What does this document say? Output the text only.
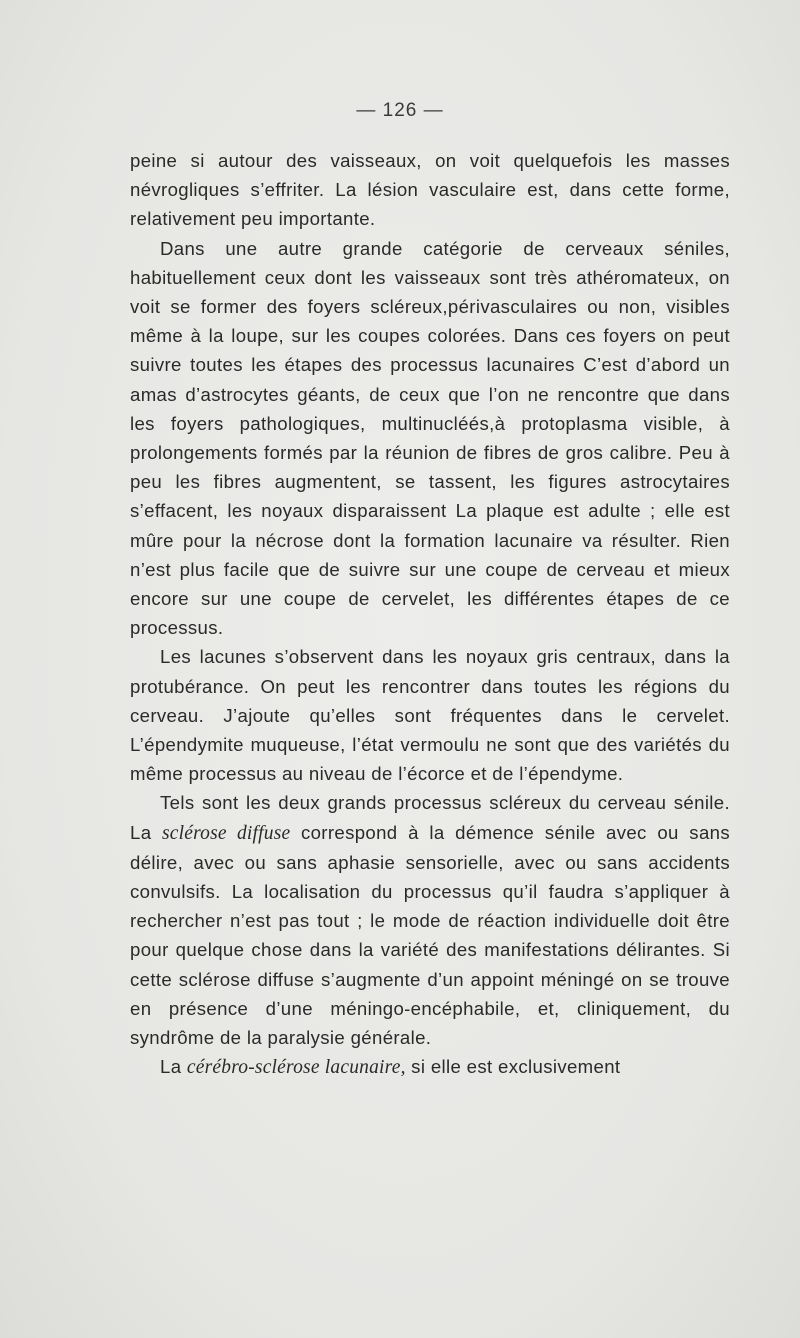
— 126 —

peine si autour des vaisseaux, on voit quelquefois les masses névrogliques s’effriter. La lésion vasculaire est, dans cette forme, relativement peu importante.

Dans une autre grande catégorie de cerveaux séniles, habituellement ceux dont les vaisseaux sont très athéromateux, on voit se former des foyers scléreux,périvasculaires ou non, visibles même à la loupe, sur les coupes colorées. Dans ces foyers on peut suivre toutes les étapes des processus lacunaires C’est d’abord un amas d’astrocytes géants, de ceux que l’on ne rencontre que dans les foyers pathologiques, multinucléés,à protoplasma visible, à prolongements formés par la réunion de fibres de gros calibre. Peu à peu les fibres augmentent, se tassent, les figures astrocytaires s’effacent, les noyaux disparaissent La plaque est adulte ; elle est mûre pour la nécrose dont la formation lacunaire va résulter. Rien n’est plus facile que de suivre sur une coupe de cerveau et mieux encore sur une coupe de cervelet, les différentes étapes de ce processus.

Les lacunes s’observent dans les noyaux gris centraux, dans la protubérance. On peut les rencontrer dans toutes les régions du cerveau. J’ajoute qu’elles sont fréquentes dans le cervelet. L’épendymite muqueuse, l’état vermoulu ne sont que des variétés du même processus au niveau de l’écorce et de l’épendyme.

Tels sont les deux grands processus scléreux du cerveau sénile. La sclérose diffuse correspond à la démence sénile avec ou sans délire, avec ou sans aphasie sensorielle, avec ou sans accidents convulsifs. La localisation du processus qu’il faudra s’appliquer à rechercher n’est pas tout ; le mode de réaction individuelle doit être pour quelque chose dans la variété des manifestations délirantes. Si cette sclérose diffuse s’augmente d’un appoint méningé on se trouve en présence d’une méningo-encéphabile, et, cliniquement, du syndrôme de la paralysie générale.

La cérébro-sclérose lacunaire, si elle est exclusivement
